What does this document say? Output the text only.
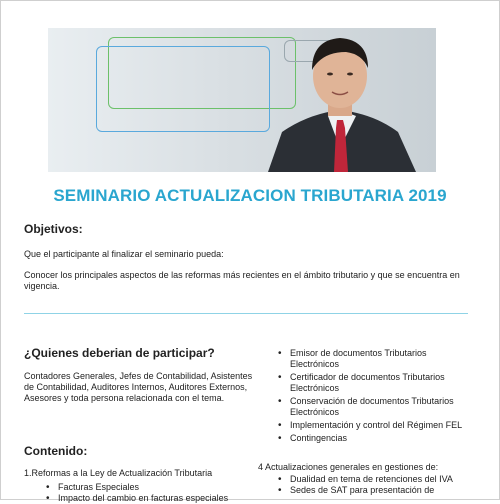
SEMINARIO ACTUALIZACION TRIBUTARIA 2019
Objetivos:
Que el participante al finalizar el seminario pueda:
Conocer los principales aspectos de las reformas más recientes en el ámbito tributario y que se encuentra en vigencia.
¿Quienes deberian de participar?
Contadores Generales, Jefes de Contabilidad, Asistentes de Contabilidad, Auditores Internos, Auditores Externos, Asesores y toda persona relacionada con el tema.
• Emisor de documentos Tributarios Electrónicos
• Certificador de documentos Tributarios Electrónicos
• Conservación de documentos Tributarios Electrónicos
• Implementación y control del Régimen FEL
• Contingencias
Contenido:
1.Reformas a la Ley de Actualización Tributaria
• Facturas Especiales
• Impacto del cambio en facturas especiales
4 Actualizaciones generales en gestiones de:
• Dualidad en tema de retenciones del IVA
• Sedes de SAT para presentación de
